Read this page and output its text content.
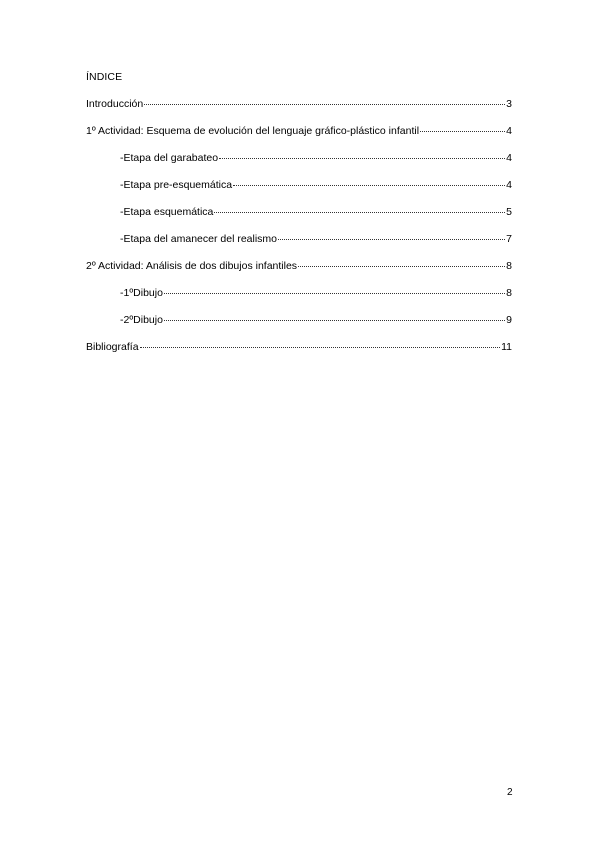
ÍNDICE
Introducción	3
1º Actividad: Esquema de evolución del lenguaje gráfico-plástico infantil	4
-Etapa del garabateo	4
-Etapa pre-esquemática	4
-Etapa esquemática	5
-Etapa del amanecer del realismo	7
2º Actividad: Análisis de dos dibujos infantiles	8
-1ºDibujo	8
-2ºDibujo	9
Bibliografía	11
2
